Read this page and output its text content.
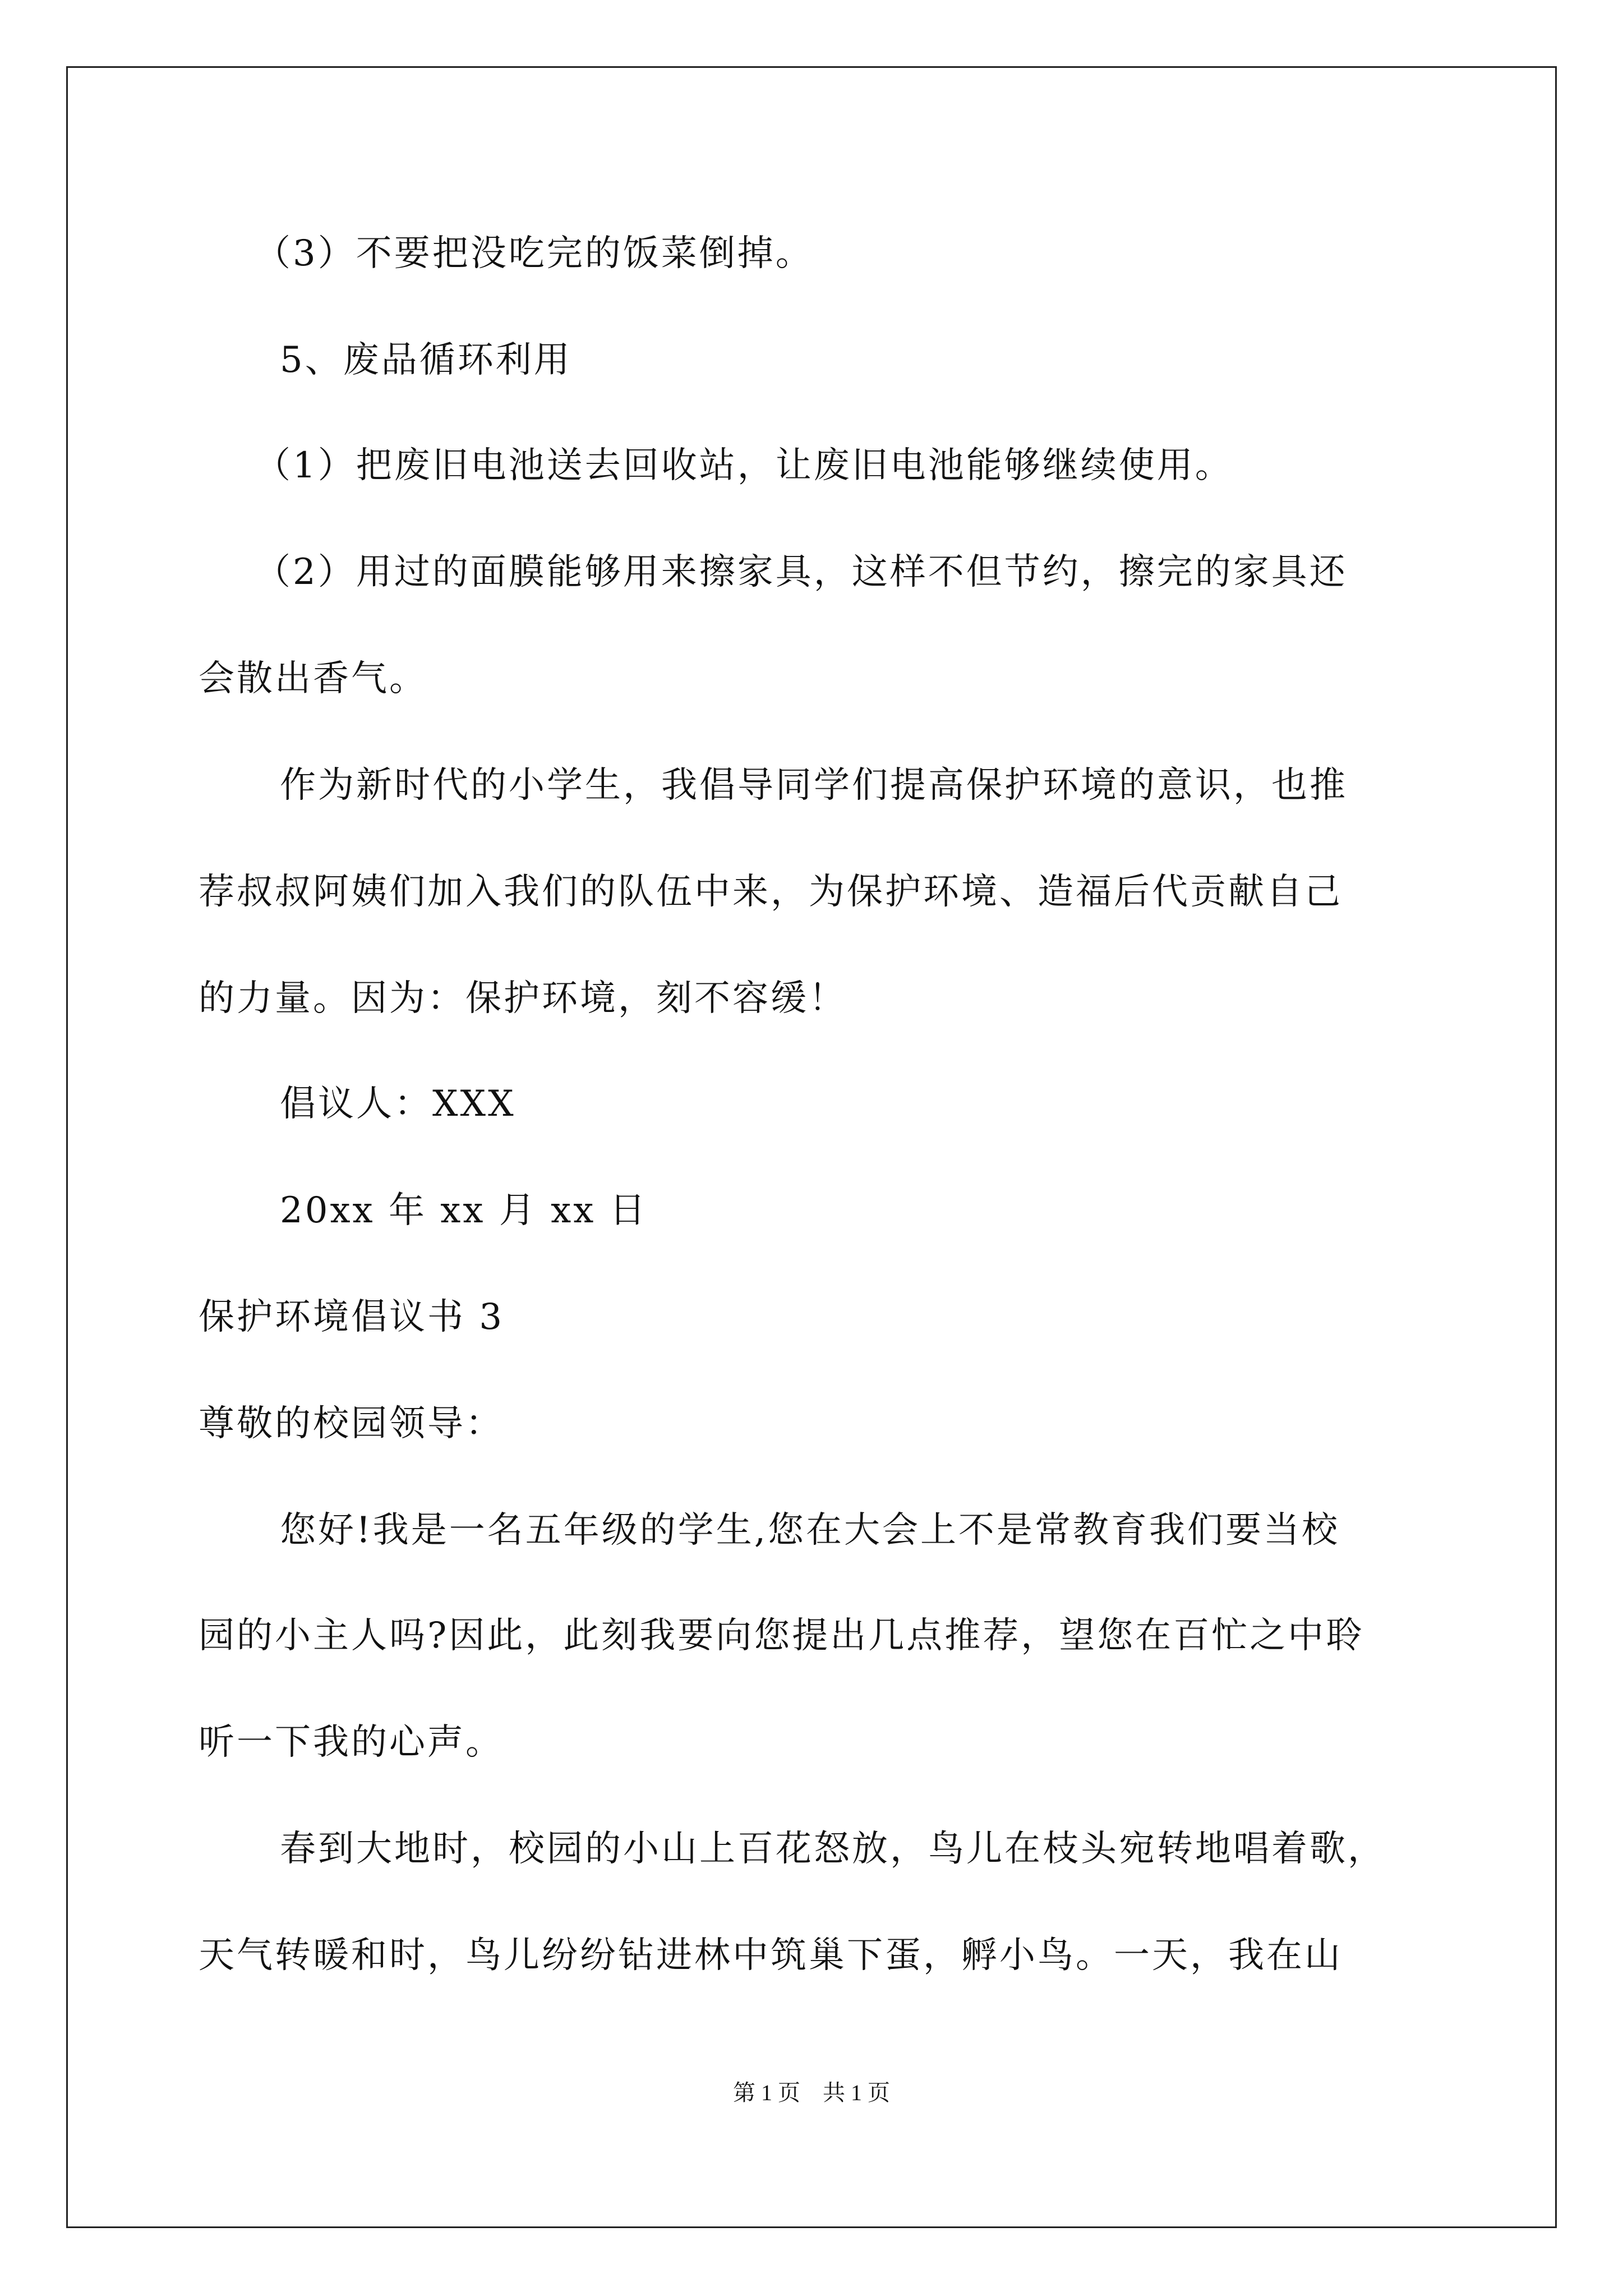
（3）不要把没吃完的饭菜倒掉。
5、废品循环利用
（1）把废旧电池送去回收站，让废旧电池能够继续使用。
（2）用过的面膜能够用来擦家具，这样不但节约，擦完的家具还
会散出香气。
作为新时代的小学生，我倡导同学们提高保护环境的意识，也推
荐叔叔阿姨们加入我们的队伍中来，为保护环境、造福后代贡献自己
的力量。因为：保护环境，刻不容缓！
倡议人：XXX
20xx 年 xx 月 xx 日
保护环境倡议书 3
尊敬的校园领导：
您好!我是一名五年级的学生,您在大会上不是常教育我们要当校
园的小主人吗?因此，此刻我要向您提出几点推荐，望您在百忙之中聆
听一下我的心声。
春到大地时，校园的小山上百花怒放，鸟儿在枝头宛转地唱着歌，
天气转暖和时，鸟儿纷纷钻进林中筑巢下蛋，孵小鸟。一天，我在山
第 1 页　共 1 页
